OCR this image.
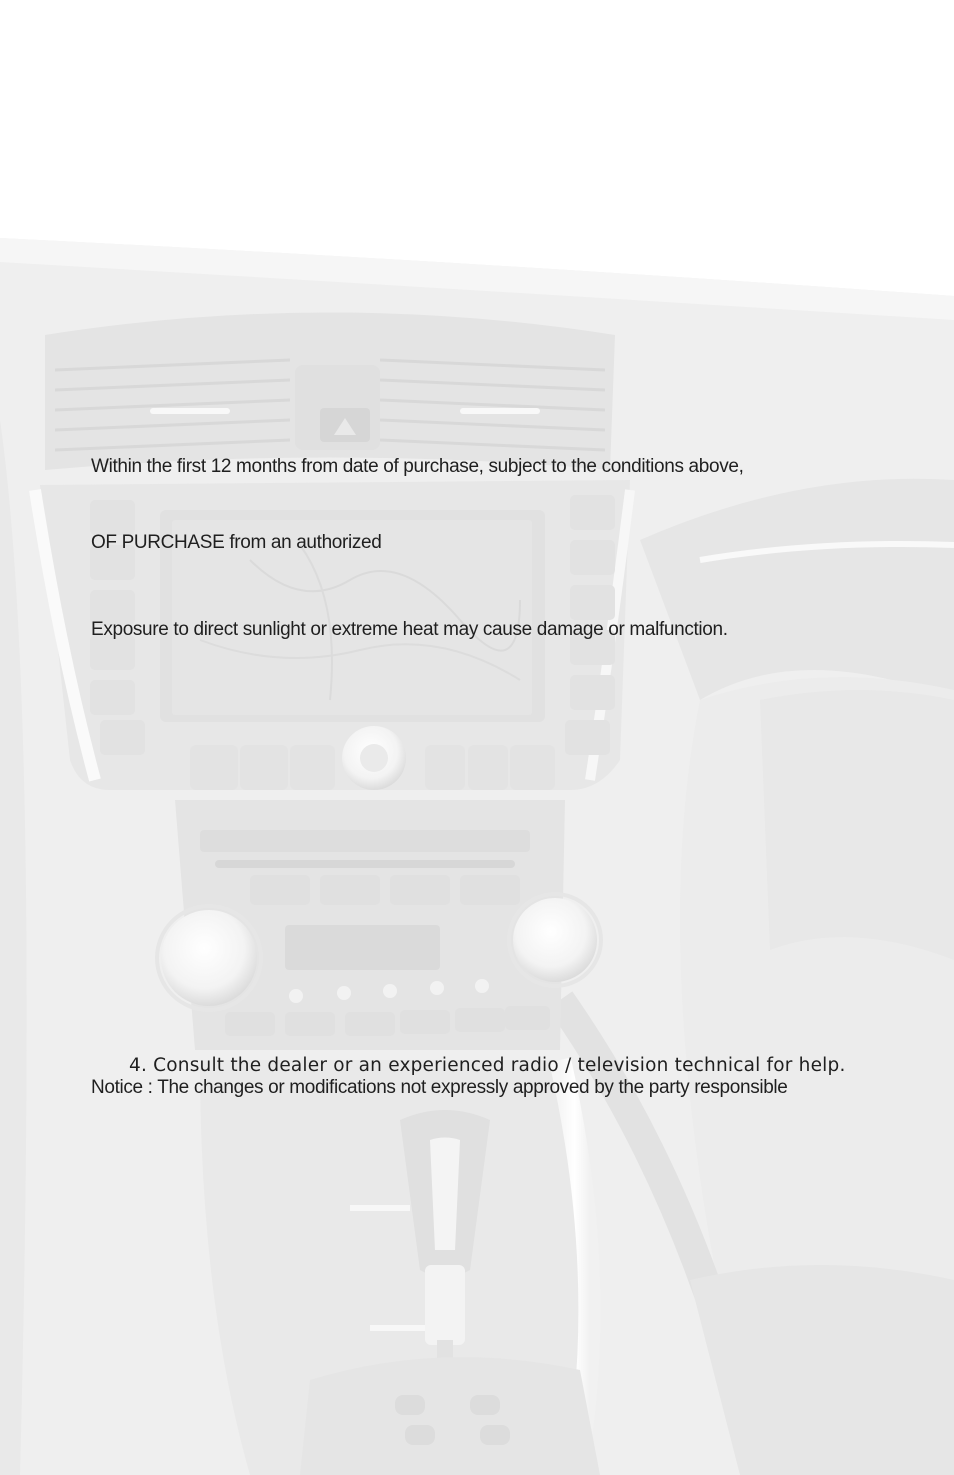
Within the first 12 months from date of purchase, subject to the conditions above,

OF PURCHASE from an authorized

Exposure to direct sunlight or extreme heat may cause damage or malfunction.

4. Consult the dealer or an experienced radio / television technical for help.

Notice : The changes or modifications not expressly approved by the party responsible
